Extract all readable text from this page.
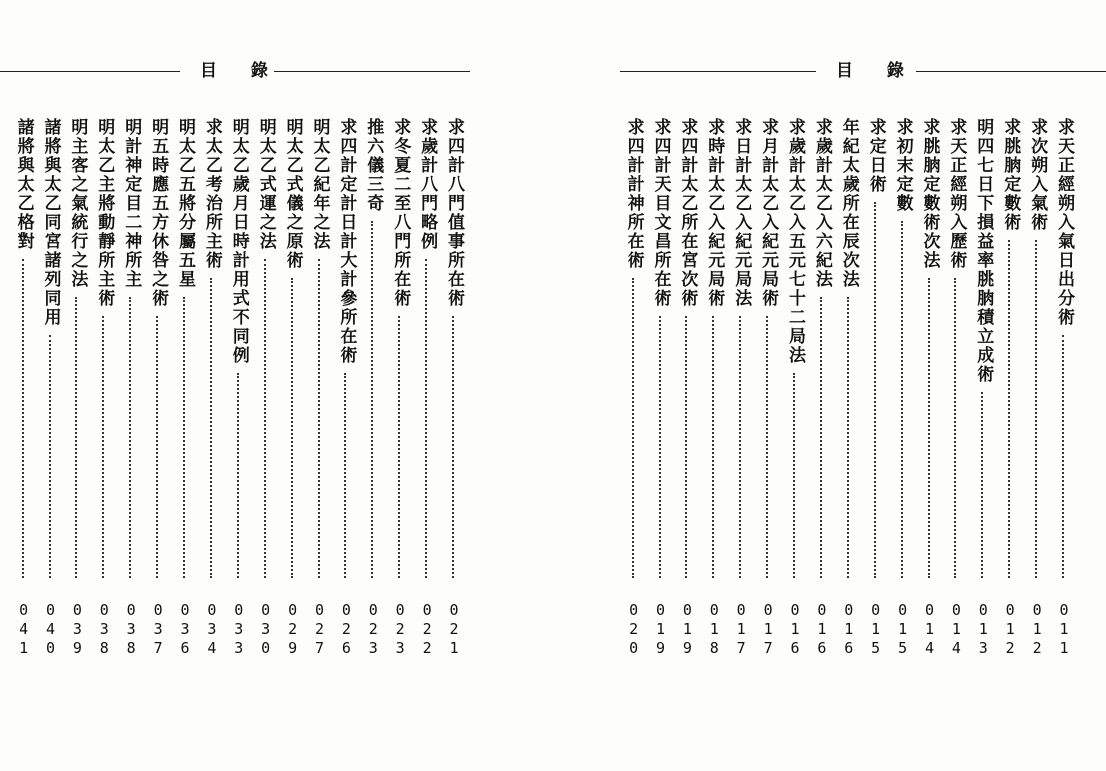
目 錄
求四計八門值事所在術
021
求歲計八門略例
022
求冬夏二至八門所在術
023
推六儀三奇
023
求四計定計日計大計參所在術
026
明太乙紀年之法
027
明太乙式儀之原術
029
明太乙式運之法
030
明太乙歲月日時計用式不同例
033
求太乙考治所主術
034
明太乙五將分屬五星
036
明五時應五方休咎之術
037
明計神定目二神所主
038
明太乙主將動靜所主術
038
明主客之氣統行之法
039
諸將與太乙同宮諸列同用
040
諸將與太乙格對
041
目 錄
求天正經朔入氣日出分術
011
求次朔入氣術
012
求朓朒定數術
012
明四七日下損益率朓朒積立成術
013
求天正經朔入歷術
014
求朓朒定數術次法
014
求初末定數
015
求定日術
015
年紀太歲所在辰次法
016
求歲計太乙入六紀法
016
求歲計太乙入五元七十二局法
016
求月計太乙入紀元局術
017
求日計太乙入紀元局法
017
求時計太乙入紀元局術
018
求四計太乙所在宮次術
019
求四計天目文昌所在術
019
求四計計神所在術
020
